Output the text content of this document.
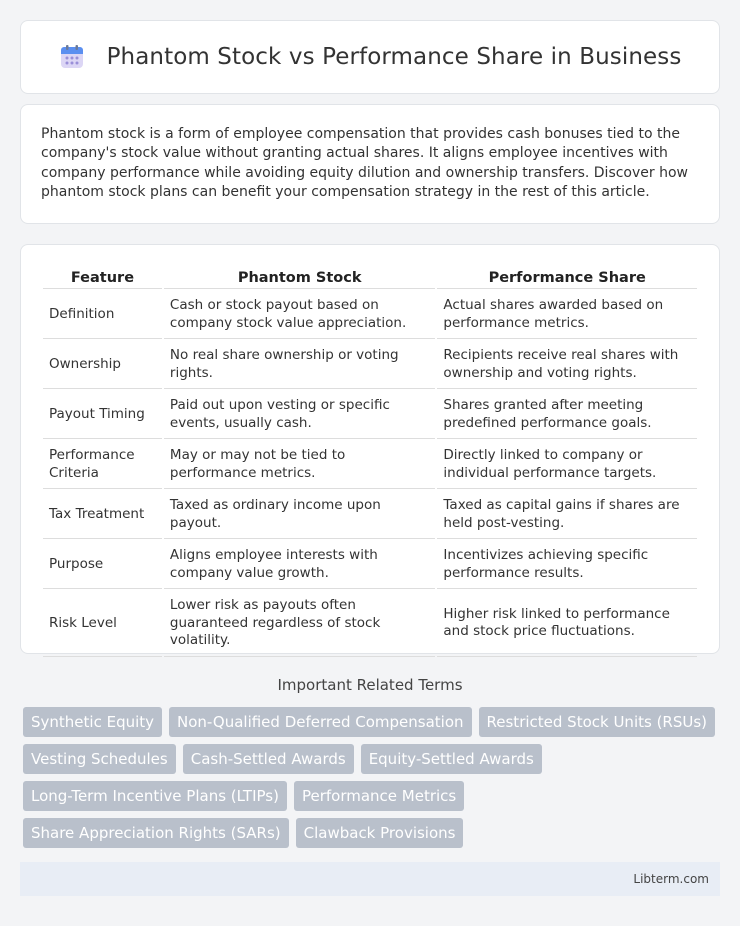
Phantom Stock vs Performance Share in Business

Phantom stock is a form of employee compensation that provides cash bonuses tied to the company's stock value without granting actual shares. It aligns employee incentives with company performance while avoiding equity dilution and ownership transfers. Discover how phantom stock plans can benefit your compensation strategy in the rest of this article.

Feature	Phantom Stock	Performance Share
Definition	Cash or stock payout based on company stock value appreciation.	Actual shares awarded based on performance metrics.
Ownership	No real share ownership or voting rights.	Recipients receive real shares with ownership and voting rights.
Payout Timing	Paid out upon vesting or specific events, usually cash.	Shares granted after meeting predefined performance goals.
Performance Criteria	May or may not be tied to performance metrics.	Directly linked to company or individual performance targets.
Tax Treatment	Taxed as ordinary income upon payout.	Taxed as capital gains if shares are held post-vesting.
Purpose	Aligns employee interests with company value growth.	Incentivizes achieving specific performance results.
Risk Level	Lower risk as payouts often guaranteed regardless of stock volatility.	Higher risk linked to performance and stock price fluctuations.
Important Related Terms
Synthetic Equity	Non-Qualified Deferred Compensation	Restricted Stock Units (RSUs)
Vesting Schedules	Cash-Settled Awards	Equity-Settled Awards
Long-Term Incentive Plans (LTIPs)	Performance Metrics
Share Appreciation Rights (SARs)	Clawback Provisions
Libterm.com
